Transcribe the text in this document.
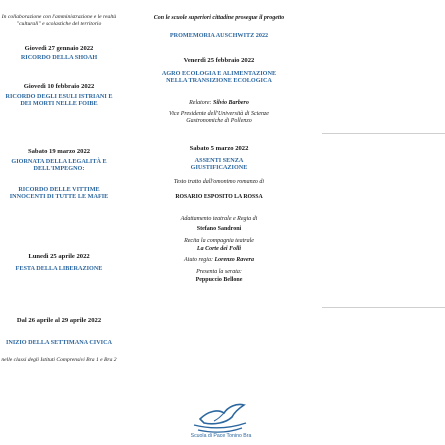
In collaborazione con l'amministrazione e le realtà "culturali" e scolastiche del territorio
Giovedì 27 gennaio 2022
RICORDO DELLA SHOAH
Giovedì 10 febbraio 2022
RICORDO DEGLI ESULI ISTRIANI E DEI MORTI NELLE FOIBE
Sabato 19 marzo 2022
GIORNATA DELLA LEGALITÀ E DELL'IMPEGNO:
RICORDO DELLE VITTIME INNOCENTI DI TUTTE LE MAFIE
Lunedì 25 aprile 2022
FESTA DELLA LIBERAZIONE
Dal 26 aprile al 29 aprile 2022
INIZIO DELLA SETTIMANA CIVICA
nelle classi degli Istituti Comprensivi Bra 1 e Bra 2
Con le scuole superiori cittadine prosegue il progetto
PROMEMORIA AUSCHWITZ 2022
Venerdì 25 febbraio 2022
AGRO ECOLOGIA E ALIMENTAZIONE NELLA TRANSIZIONE ECOLOGICA
Relatore: Silvio Barbero
Vice Presidente dell'Università di Scienze Gastronomiche di Pollenzo
Sabato 5 marzo 2022
ASSENTI SENZA GIUSTIFICAZIONE
Testo tratto dall'omonimo romanzo di
ROSARIO ESPOSITO LA ROSSA
Adattamento teatrale e Regia di
Stefano Sandroni
Recita la compagnia teatrale
La Corte dei Folli
Aiuto regia: Lorenzo Ravera
Presenta la serata:
Peppuccio Bellone
Scuola di Pace Tonino Bra
